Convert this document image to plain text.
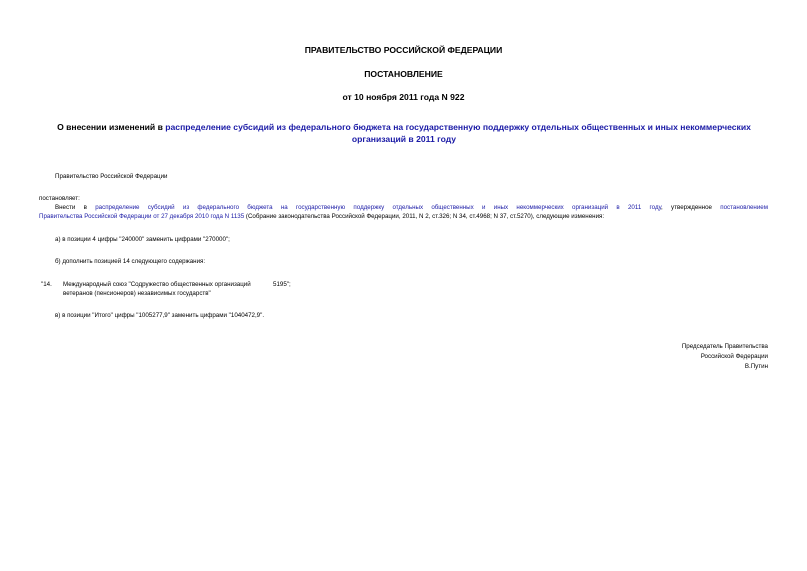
ПРАВИТЕЛЬСТВО РОССИЙСКОЙ ФЕДЕРАЦИИ
ПОСТАНОВЛЕНИЕ
от 10 ноября 2011 года N 922
О внесении изменений в распределение субсидий из федерального бюджета на государственную поддержку отдельных общественных и иных некоммерческих организаций в 2011 году
Правительство Российской Федерации
постановляет:
Внести в распределение субсидий из федерального бюджета на государственную поддержку отдельных общественных и иных некоммерческих организаций в 2011 году, утвержденное постановлением
Правительства Российской Федерации от 27 декабря 2010 года N 1135 (Собрание законодательства Российской Федерации, 2011, N 2, ст.326; N 34, ст.4968; N 37, ст.5270), следующие изменения:
а) в позиции 4 цифры "240000" заменить цифрами "270000";
б) дополнить позицией 14 следующего содержания:
"14. Международный союз "Содружество общественных организаций	5195";
ветеранов (пенсионеров) независимых государств"
в) в позиции "Итого" цифры "1005277,9" заменить цифрами "1040472,9".
Председатель Правительства
Российской Федерации
В.Путин
